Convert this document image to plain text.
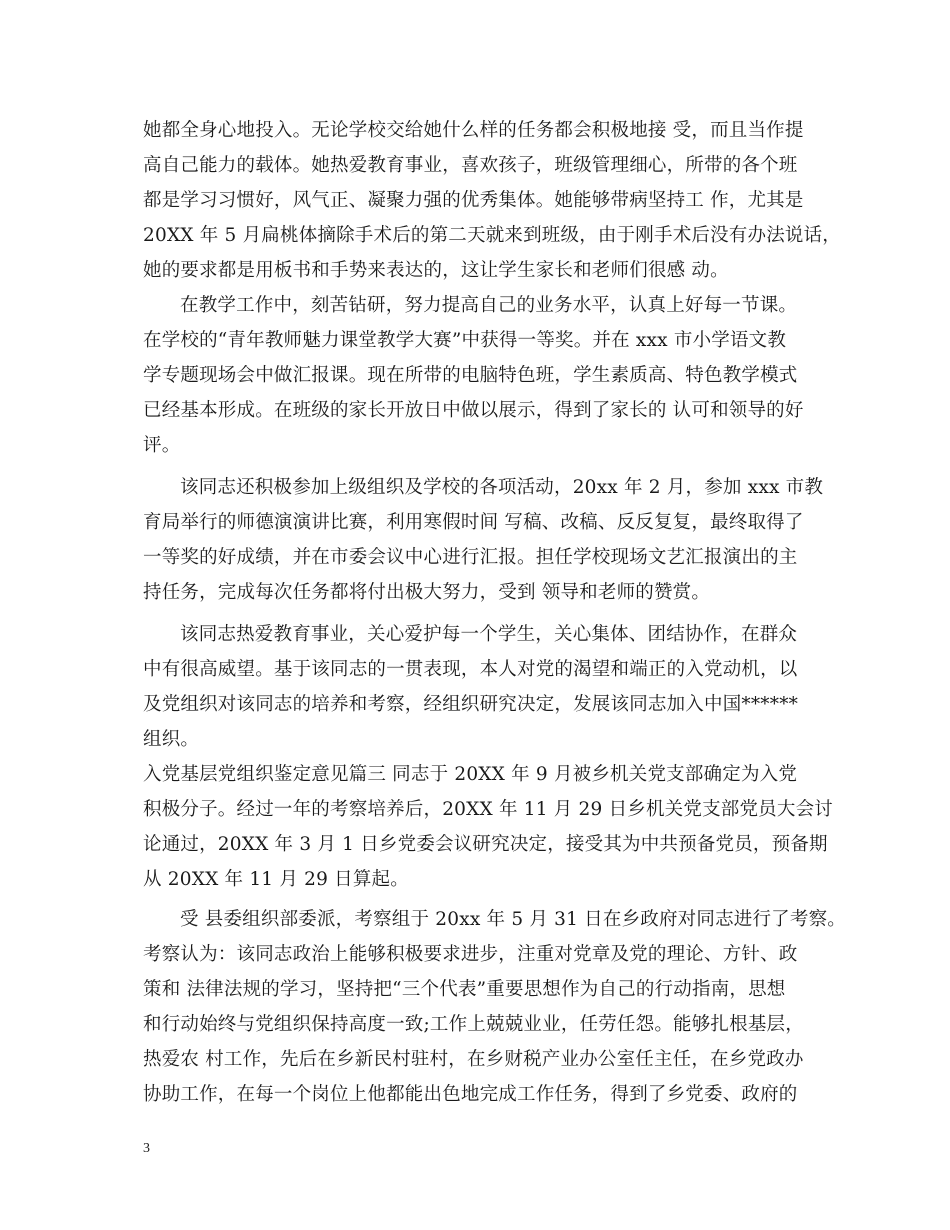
她都全身心地投入。无论学校交给她什么样的任务都会积极地接 受，而且当作提
高自己能力的载体。她热爱教育事业，喜欢孩子，班级管理细心，所带的各个班
都是学习习惯好，风气正、凝聚力强的优秀集体。她能够带病坚持工 作，尤其是
20XX 年 5 月扁桃体摘除手术后的第二天就来到班级，由于刚手术后没有办法说话，
她的要求都是用板书和手势来表达的，这让学生家长和老师们很感 动。
在教学工作中，刻苦钻研，努力提高自己的业务水平，认真上好每一节课。
在学校的“青年教师魅力课堂教学大赛”中获得一等奖。并在 xxx 市小学语文教
学专题现场会中做汇报课。现在所带的电脑特色班，学生素质高、特色教学模式
已经基本形成。在班级的家长开放日中做以展示，得到了家长的 认可和领导的好
评。
该同志还积极参加上级组织及学校的各项活动，20xx 年 2 月，参加 xxx 市教
育局举行的师德演演讲比赛，利用寒假时间 写稿、改稿、反反复复，最终取得了
一等奖的好成绩，并在市委会议中心进行汇报。担任学校现场文艺汇报演出的主
持任务，完成每次任务都将付出极大努力，受到 领导和老师的赞赏。
该同志热爱教育事业，关心爱护每一个学生，关心集体、团结协作，在群众
中有很高威望。基于该同志的一贯表现，本人对党的渴望和端正的入党动机，以
及党组织对该同志的培养和考察，经组织研究决定，发展该同志加入中国******
组织。
入党基层党组织鉴定意见篇三 同志于 20XX 年 9 月被乡机关党支部确定为入党
积极分子。经过一年的考察培养后，20XX 年 11 月 29 日乡机关党支部党员大会讨
论通过，20XX 年 3 月 1 日乡党委会议研究决定，接受其为中共预备党员，预备期
从 20XX 年 11 月 29 日算起。
受 县委组织部委派，考察组于 20xx 年 5 月 31 日在乡政府对同志进行了考察。
考察认为：该同志政治上能够积极要求进步，注重对党章及党的理论、方针、政
策和 法律法规的学习，坚持把“三个代表”重要思想作为自己的行动指南，思想
和行动始终与党组织保持高度一致;工作上兢兢业业，任劳任怨。能够扎根基层，
热爱农 村工作，先后在乡新民村驻村，在乡财税产业办公室任主任，在乡党政办
协助工作，在每一个岗位上他都能出色地完成工作任务，得到了乡党委、政府的
3
